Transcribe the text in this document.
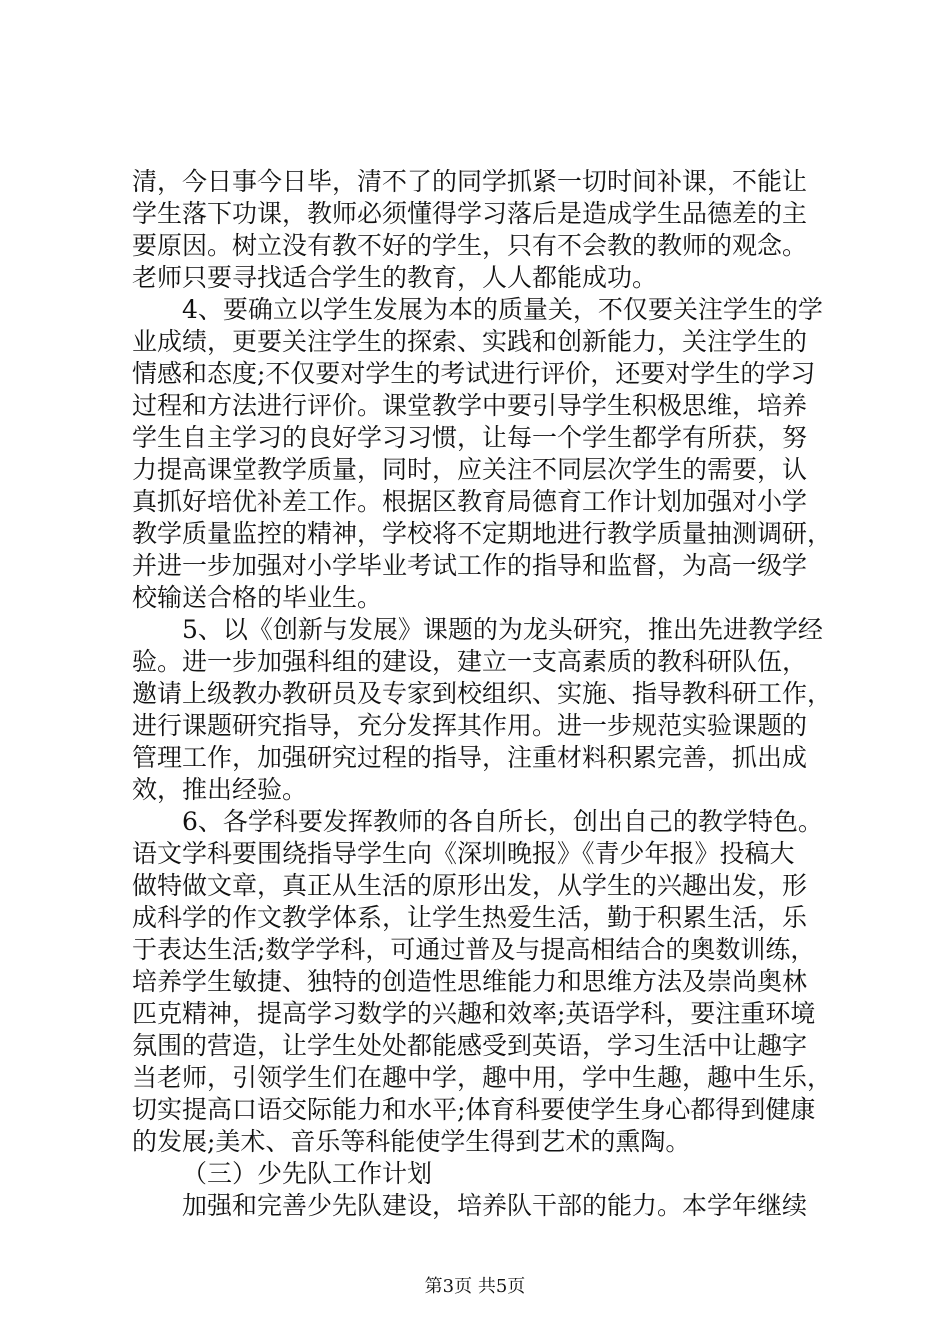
清，今日事今日毕，清不了的同学抓紧一切时间补课，不能让

学生落下功课，教师必须懂得学习落后是造成学生品德差的主

要原因。树立没有教不好的学生，只有不会教的教师的观念。

老师只要寻找适合学生的教育，人人都能成功。

4、要确立以学生发展为本的质量关，不仅要关注学生的学

业成绩，更要关注学生的探索、实践和创新能力，关注学生的

情感和态度;不仅要对学生的考试进行评价，还要对学生的学习

过程和方法进行评价。课堂教学中要引导学生积极思维，培养

学生自主学习的良好学习习惯，让每一个学生都学有所获，努

力提高课堂教学质量，同时，应关注不同层次学生的需要，认

真抓好培优补差工作。根据区教育局德育工作计划加强对小学

教学质量监控的精神，学校将不定期地进行教学质量抽测调研，

并进一步加强对小学毕业考试工作的指导和监督，为高一级学

校输送合格的毕业生。

5、以《创新与发展》课题的为龙头研究，推出先进教学经

验。进一步加强科组的建设，建立一支高素质的教科研队伍，

邀请上级教办教研员及专家到校组织、实施、指导教科研工作，

进行课题研究指导，充分发挥其作用。进一步规范实验课题的

管理工作，加强研究过程的指导，注重材料积累完善，抓出成

效，推出经验。

6、各学科要发挥教师的各自所长，创出自己的教学特色。

语文学科要围绕指导学生向《深圳晚报》《青少年报》投稿大

做特做文章，真正从生活的原形出发，从学生的兴趣出发，形

成科学的作文教学体系，让学生热爱生活，勤于积累生活，乐

于表达生活;数学学科，可通过普及与提高相结合的奥数训练，

培养学生敏捷、独特的创造性思维能力和思维方法及崇尚奥林

匹克精神，提高学习数学的兴趣和效率;英语学科，要注重环境

氛围的营造，让学生处处都能感受到英语，学习生活中让趣字

当老师，引领学生们在趣中学，趣中用，学中生趣，趣中生乐，

切实提高口语交际能力和水平;体育科要使学生身心都得到健康

的发展;美术、音乐等科能使学生得到艺术的熏陶。

（三）少先队工作计划

加强和完善少先队建设，培养队干部的能力。本学年继续

第3页 共5页
